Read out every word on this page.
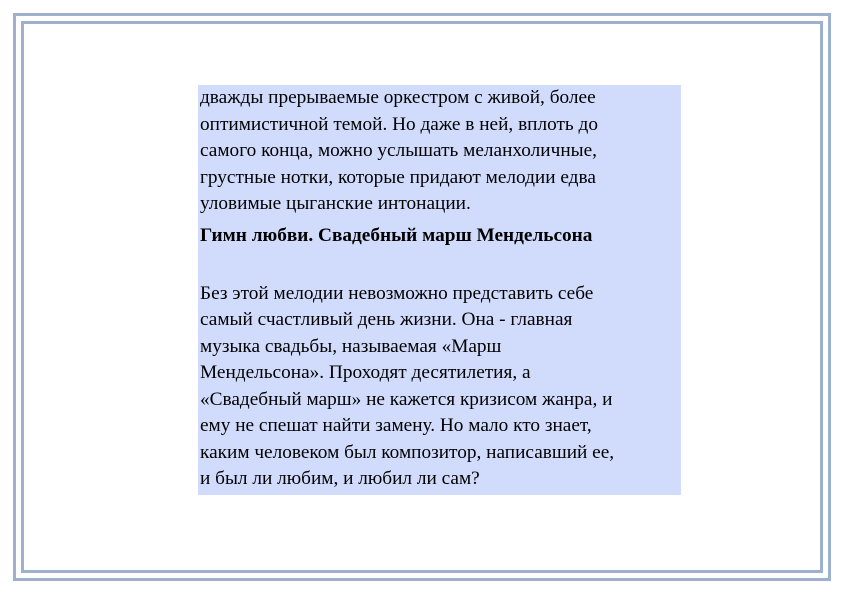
дважды прерываемые оркестром с живой, более
оптимистичной темой. Но даже в ней, вплоть до
самого конца, можно услышать меланхоличные,
грустные нотки, которые придают мелодии едва
уловимые цыганские интонации.

Гимн любви. Свадебный марш Мендельсона

Без этой мелодии невозможно представить себе
самый счастливый день жизни. Она - главная
музыка свадьбы, называемая «Марш
Мендельсона». Проходят десятилетия, а
«Свадебный марш» не кажется кризисом жанра, и
ему не спешат найти замену. Но мало кто знает,
каким человеком был композитор, написавший ее,
и был ли любим, и любил ли сам?
